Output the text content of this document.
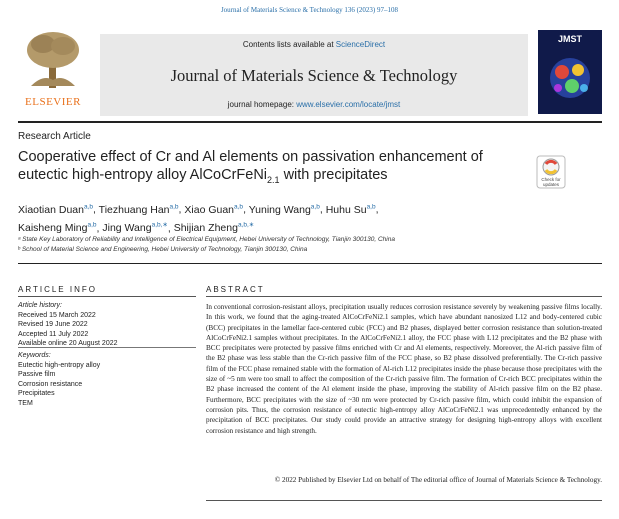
Journal of Materials Science & Technology 136 (2023) 97–108
ELSEVIER
Contents lists available at ScienceDirect
Journal of Materials Science & Technology
journal homepage: www.elsevier.com/locate/jmst
JMST
Research Article
Cooperative effect of Cr and Al elements on passivation enhancement of eutectic high-entropy alloy AlCoCrFeNi$_{2.1}$ with precipitates	Check for updates
Xiaotian Duan$^{a,b}$, Tiezhuang Han$^{a,b}$, Xiao Guan$^{a,b}$, Yuning Wang$^{a,b}$, Huhu Su$^{a,b}$,
Kaisheng Ming$^{a,b}$, Jing Wang$^{a,b,∗}$, Shijian Zheng$^{a,b,∗}$
ᵃ State Key Laboratory of Reliability and Intelligence of Electrical Equipment, Hebei University of Technology, Tianjin 300130, China
ᵇ School of Material Science and Engineering, Hebei University of Technology, Tianjin 300130, China
ARTICLE INFO	ABSTRACT
Article history:
Received 15 March 2022
Revised 19 June 2022
Accepted 11 July 2022
Available online 20 August 2022
Keywords:
Eutectic high-entropy alloy
Passive film
Corrosion resistance
Precipitates
TEM
In conventional corrosion-resistant alloys, precipitation usually reduces corrosion resistance severely by weakening passive films locally. In this work, we found that the aging-treated AlCoCrFeNi2.1 samples, which have abundant nanosized L12 and body-centered cubic (BCC) precipitates in the lamellar face-centered cubic (FCC) and B2 phases, displayed better corrosion resistance than solution-treated AlCoCrFeNi2.1 samples without precipitates. In the AlCoCrFeNi2.1 alloy, the FCC phase with L12 precipitates and the B2 phase with BCC precipitates were protected by passive films enriched with Cr and Al elements, respectively. Moreover, the Al-rich passive film of the B2 phase was less stable than the Cr-rich passive film of the FCC phase, so B2 phase dissolved preferentially. The Cr-rich passive film of the FCC phase remained stable with the formation of Al-rich L12 precipitates inside the phase because those precipitates with the size of ~5 nm were too small to affect the composition of the Cr-rich passive film. The formation of Cr-rich BCC precipitates within the B2 phase increased the content of the Al element inside the phase, improving the stability of Al-rich passive film on the B2 phase. Furthermore, BCC precipitates with the size of ~30 nm were protected by Cr-rich passive film, which could inhibit the expansion of corrosion pits. Thus, the corrosion resistance of eutectic high-entropy alloy AlCoCrFeNi2.1 was unprecedentedly enhanced by the precipitation of BCC precipitates. Our study could provide an attractive strategy for designing high-entropy alloys with excellent corrosion resistance and high strength.
© 2022 Published by Elsevier Ltd on behalf of The editorial office of Journal of Materials Science & Technology.
